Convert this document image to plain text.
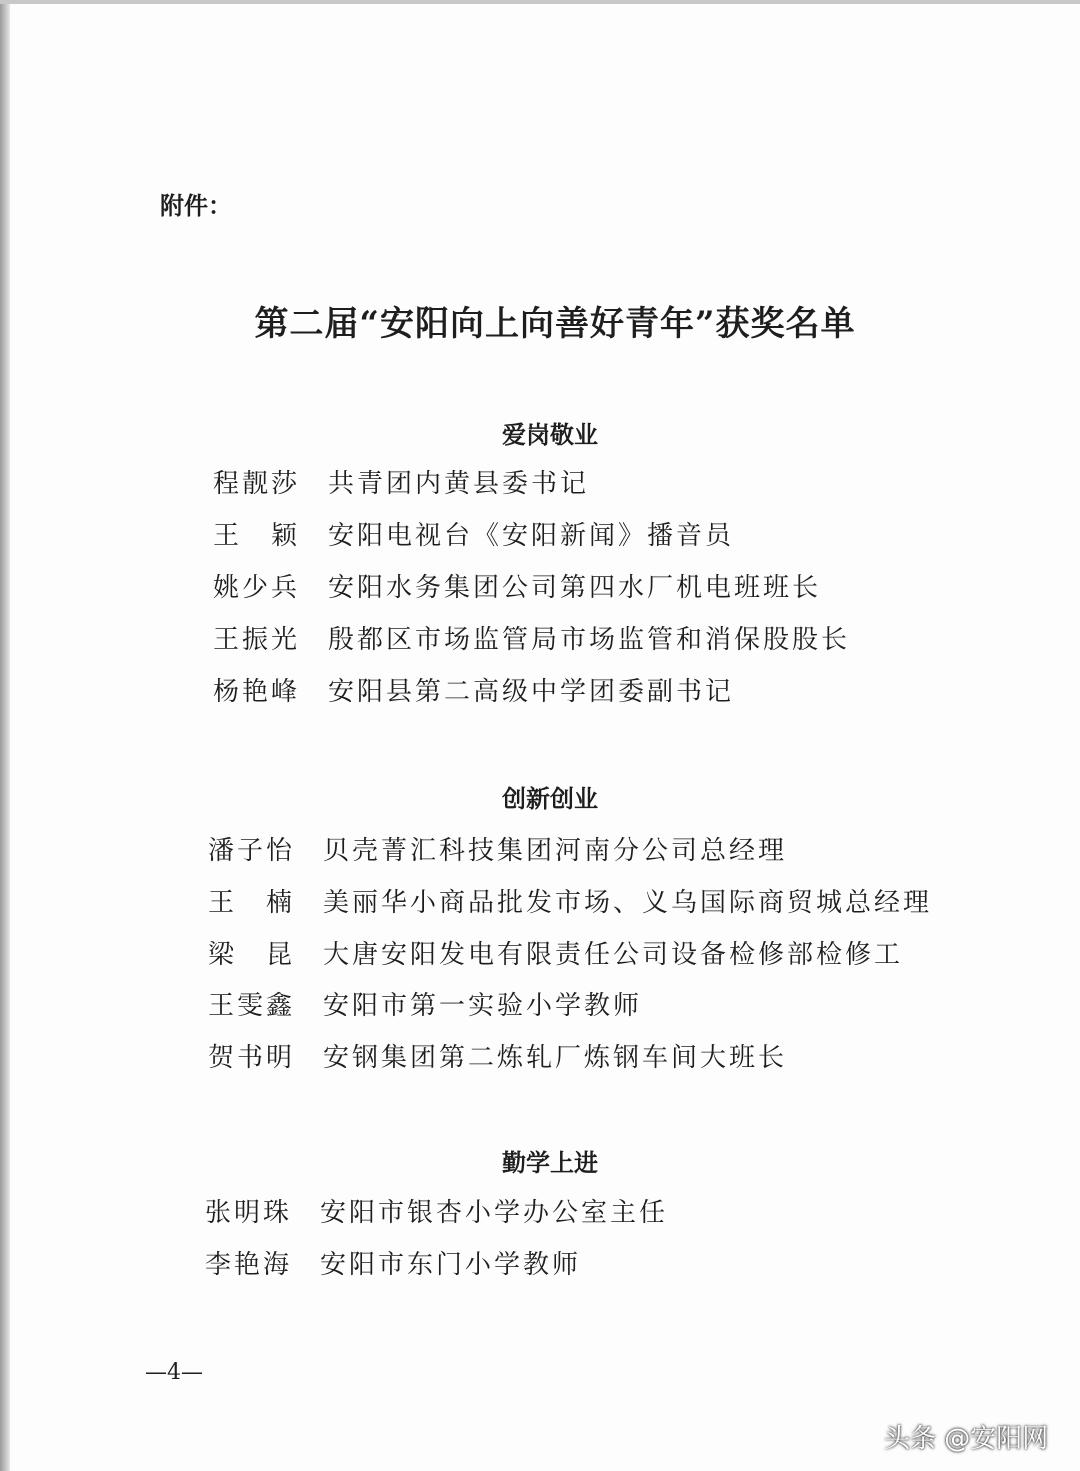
附件：
第二届“安阳向上向善好青年”获奖名单
爱岗敬业
程靓莎	共青团内黄县委书记
王　颖	安阳电视台《安阳新闻》播音员
姚少兵	安阳水务集团公司第四水厂机电班班长
王振光	殷都区市场监管局市场监管和消保股股长
杨艳峰	安阳县第二高级中学团委副书记
创新创业
潘子怡	贝壳菁汇科技集团河南分公司总经理
王　楠	美丽华小商品批发市场、义乌国际商贸城总经理
梁　昆	大唐安阳发电有限责任公司设备检修部检修工
王雯鑫	安阳市第一实验小学教师
贺书明	安钢集团第二炼轧厂炼钢车间大班长
勤学上进
张明珠	安阳市银杏小学办公室主任
李艳海	安阳市东门小学教师
—4—
头条 @安阳网
